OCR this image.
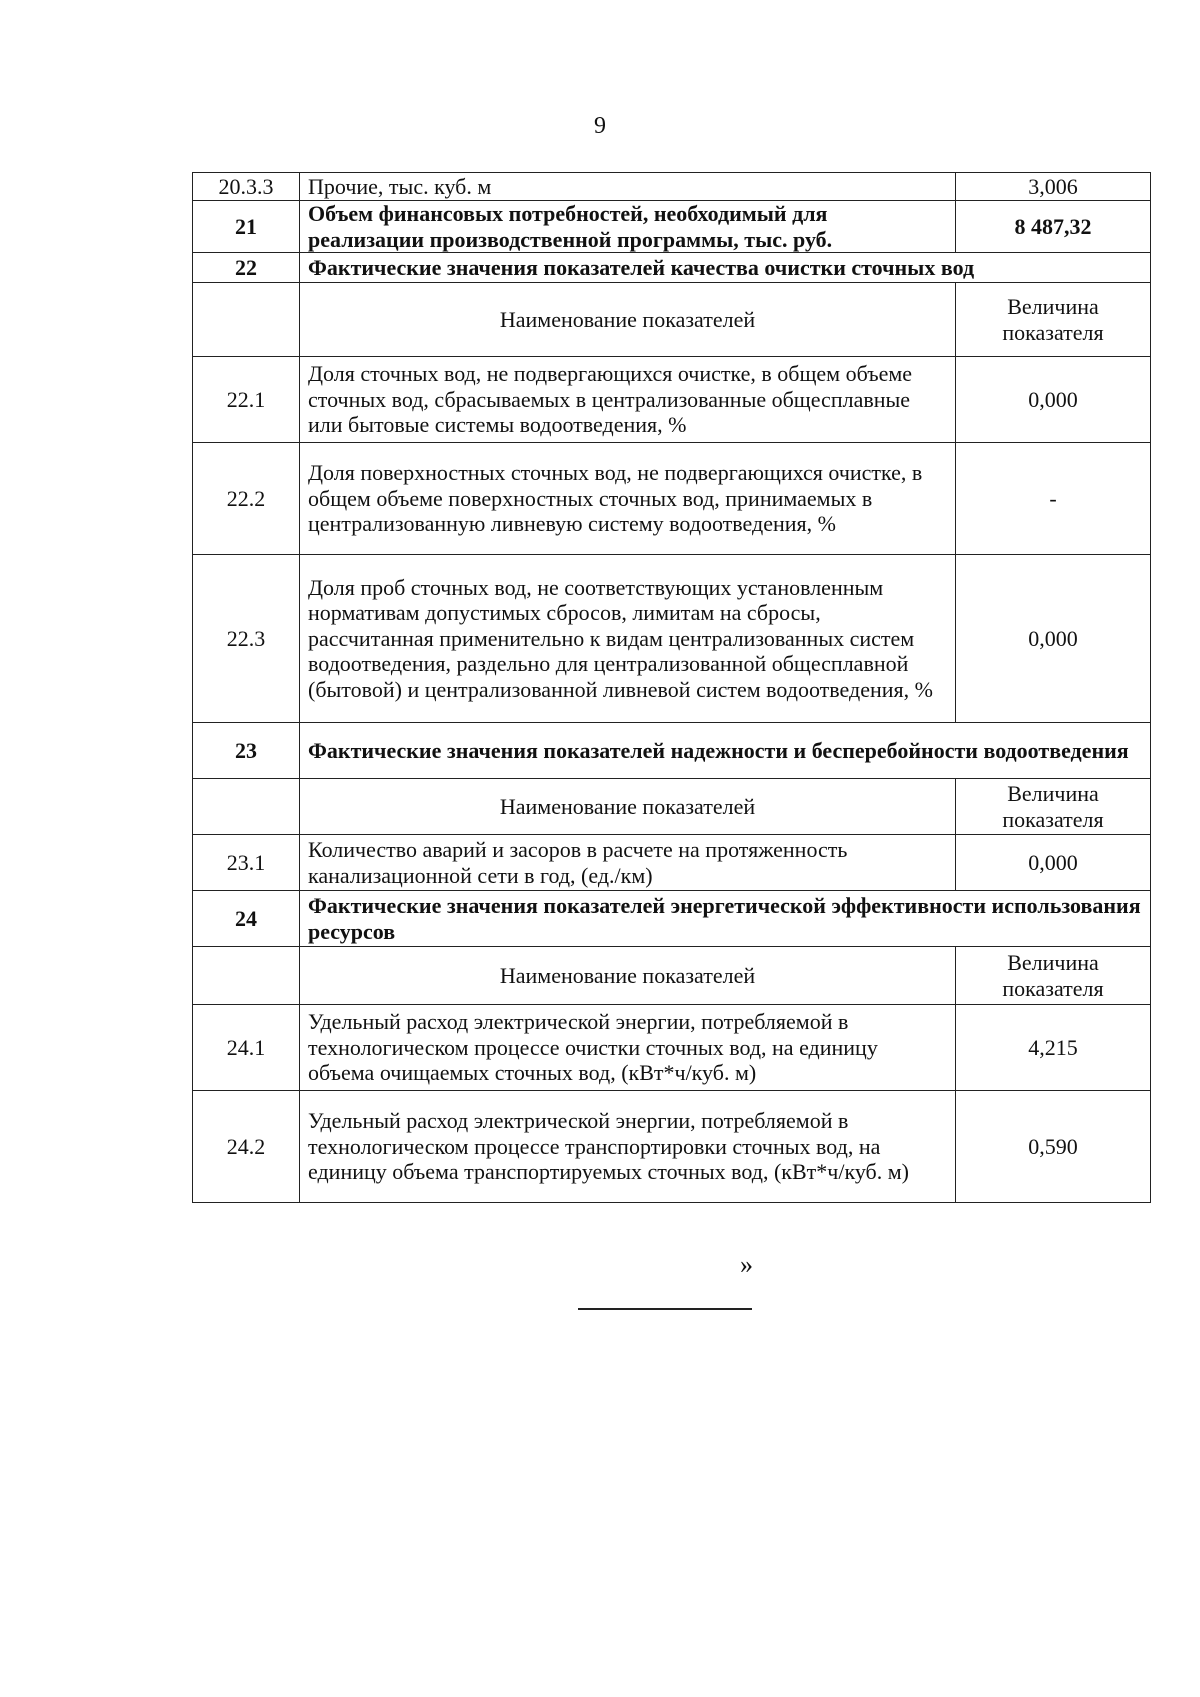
9
20.3.3	Прочие, тыс. куб. м	3,006
21	Объем финансовых потребностей, необходимый для реализации производственной программы, тыс. руб.	8 487,32
22	Фактические значения показателей качества очистки сточных вод	
	Наименование показателей	Величина показателя
22.1	Доля сточных вод, не подвергающихся очистке, в общем объеме сточных вод, сбрасываемых в централизованные общесплавные или бытовые системы водоотведения, %	0,000
22.2	Доля поверхностных сточных вод, не подвергающихся очистке, в общем объеме поверхностных сточных вод, принимаемых в централизованную ливневую систему водоотведения, %	-
22.3	Доля проб сточных вод, не соответствующих установленным нормативам допустимых сбросов, лимитам на сбросы, рассчитанная применительно к видам централизованных систем водоотведения, раздельно для централизованной общесплавной (бытовой) и централизованной ливневой систем водоотведения, %	0,000
23	Фактические значения показателей надежности и бесперебойности водоотведения	
	Наименование показателей	Величина показателя
23.1	Количество аварий и засоров в расчете на протяженность канализационной сети в год, (ед./км)	0,000
24	Фактические значения показателей энергетической эффективности использования ресурсов	
	Наименование показателей	Величина показателя
24.1	Удельный расход электрической энергии, потребляемой в технологическом процессе очистки сточных вод, на единицу объема очищаемых сточных вод, (кВт*ч/куб. м)	4,215
24.2	Удельный расход электрической энергии, потребляемой в технологическом процессе транспортировки сточных вод, на единицу объема транспортируемых сточных вод, (кВт*ч/куб. м)	0,590
»
